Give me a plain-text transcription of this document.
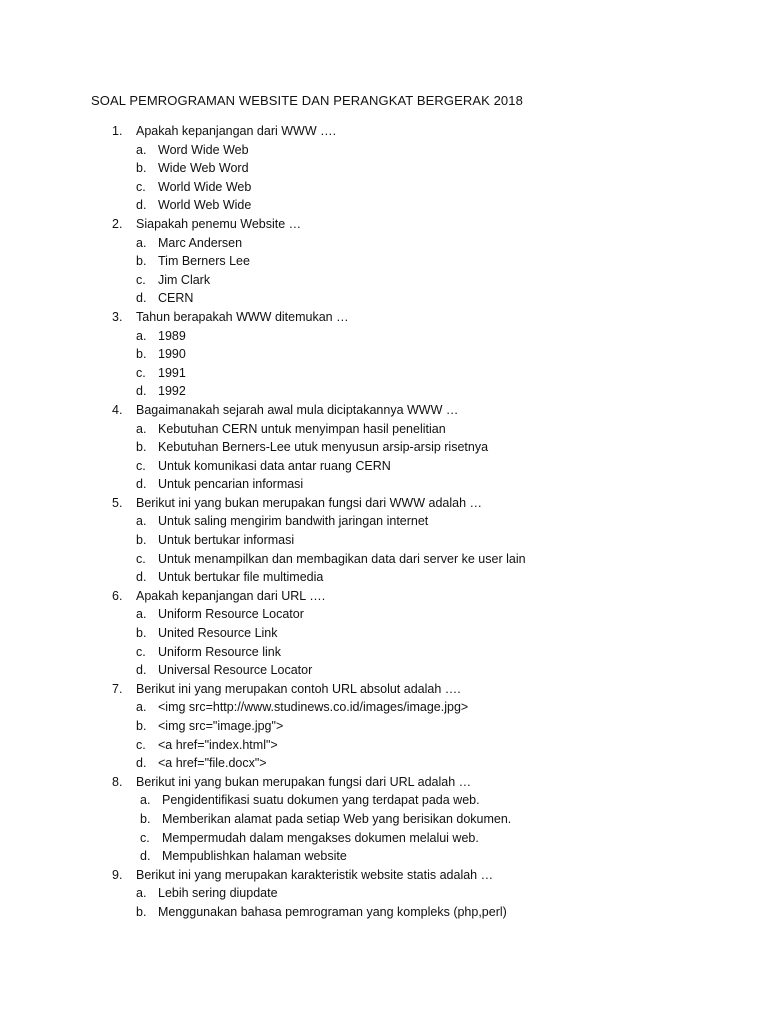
SOAL PEMROGRAMAN WEBSITE DAN PERANGKAT BERGERAK 2018
1. Apakah kepanjangan dari WWW ….
a. Word Wide Web
b. Wide Web Word
c. World Wide Web
d. World Web Wide
2. Siapakah penemu Website …
a. Marc Andersen
b. Tim Berners Lee
c. Jim Clark
d. CERN
3. Tahun berapakah WWW ditemukan …
a. 1989
b. 1990
c. 1991
d. 1992
4. Bagaimanakah sejarah awal mula diciptakannya WWW …
a. Kebutuhan CERN untuk menyimpan hasil penelitian
b. Kebutuhan Berners-Lee utuk menyusun arsip-arsip risetnya
c. Untuk komunikasi data antar ruang CERN
d. Untuk pencarian informasi
5. Berikut ini yang bukan merupakan fungsi dari WWW adalah …
a. Untuk saling mengirim bandwith jaringan internet
b. Untuk bertukar informasi
c. Untuk menampilkan dan membagikan data dari server ke user lain
d. Untuk bertukar file multimedia
6. Apakah kepanjangan dari URL ….
a. Uniform Resource Locator
b. United Resource Link
c. Uniform Resource link
d. Universal Resource Locator
7. Berikut ini yang merupakan contoh URL absolut adalah ….
a. <img src=http://www.studinews.co.id/images/image.jpg>
b. <img src="image.jpg">
c. <a href="index.html">
d. <a href="file.docx">
8. Berikut ini yang bukan merupakan fungsi dari URL adalah …
a. Pengidentifikasi suatu dokumen yang terdapat pada web.
b. Memberikan alamat pada setiap Web yang berisikan dokumen.
c. Mempermudah dalam mengakses dokumen melalui web.
d. Mempublishkan halaman website
9. Berikut ini yang merupakan karakteristik website statis adalah …
a. Lebih sering diupdate
b. Menggunakan bahasa pemrograman yang kompleks (php,perl)
